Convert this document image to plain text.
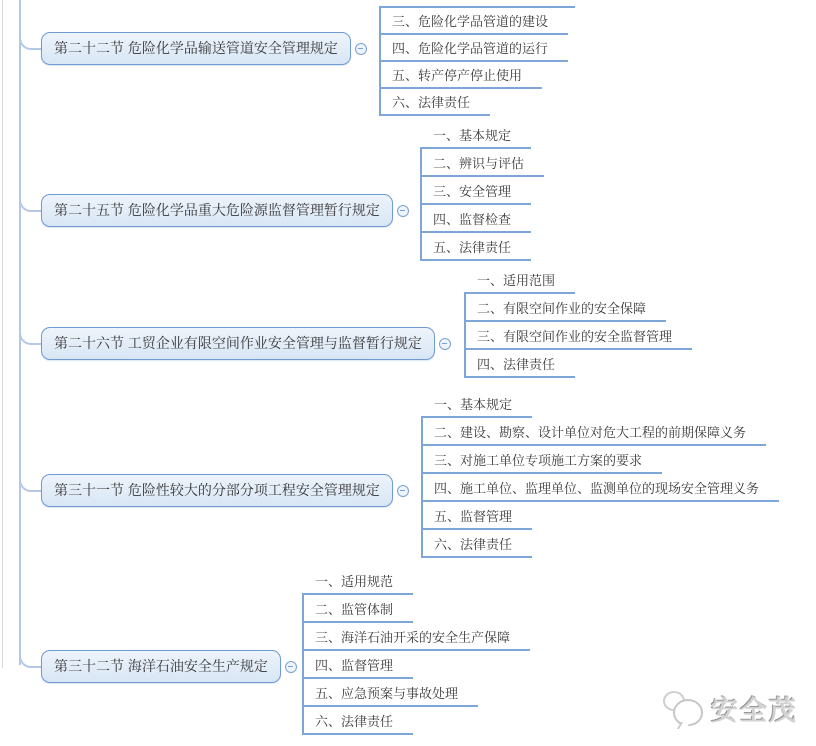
第二十二节 危险化学品输送管道安全管理规定
第二十五节 危险化学品重大危险源监督管理暂行规定
第二十六节 工贸企业有限空间作业安全管理与监督暂行规定
第三十一节 危险性较大的分部分项工程安全管理规定
第三十二节 海洋石油安全生产规定
三、危险化学品管道的建设
四、危险化学品管道的运行
五、转产停产停止使用
六、法律责任
一、基本规定
二、辨识与评估
三、安全管理
四、监督检查
五、法律责任
一、适用范围
二、有限空间作业的安全保障
三、有限空间作业的安全监督管理
四、法律责任
一、基本规定
二、建设、勘察、设计单位对危大工程的前期保障义务
三、对施工单位专项施工方案的要求
四、施工单位、监理单位、监测单位的现场安全管理义务
五、监督管理
六、法律责任
一、适用规范
二、监管体制
三、海洋石油开采的安全生产保障
四、监督管理
五、应急预案与事故处理
六、法律责任	安全茂
